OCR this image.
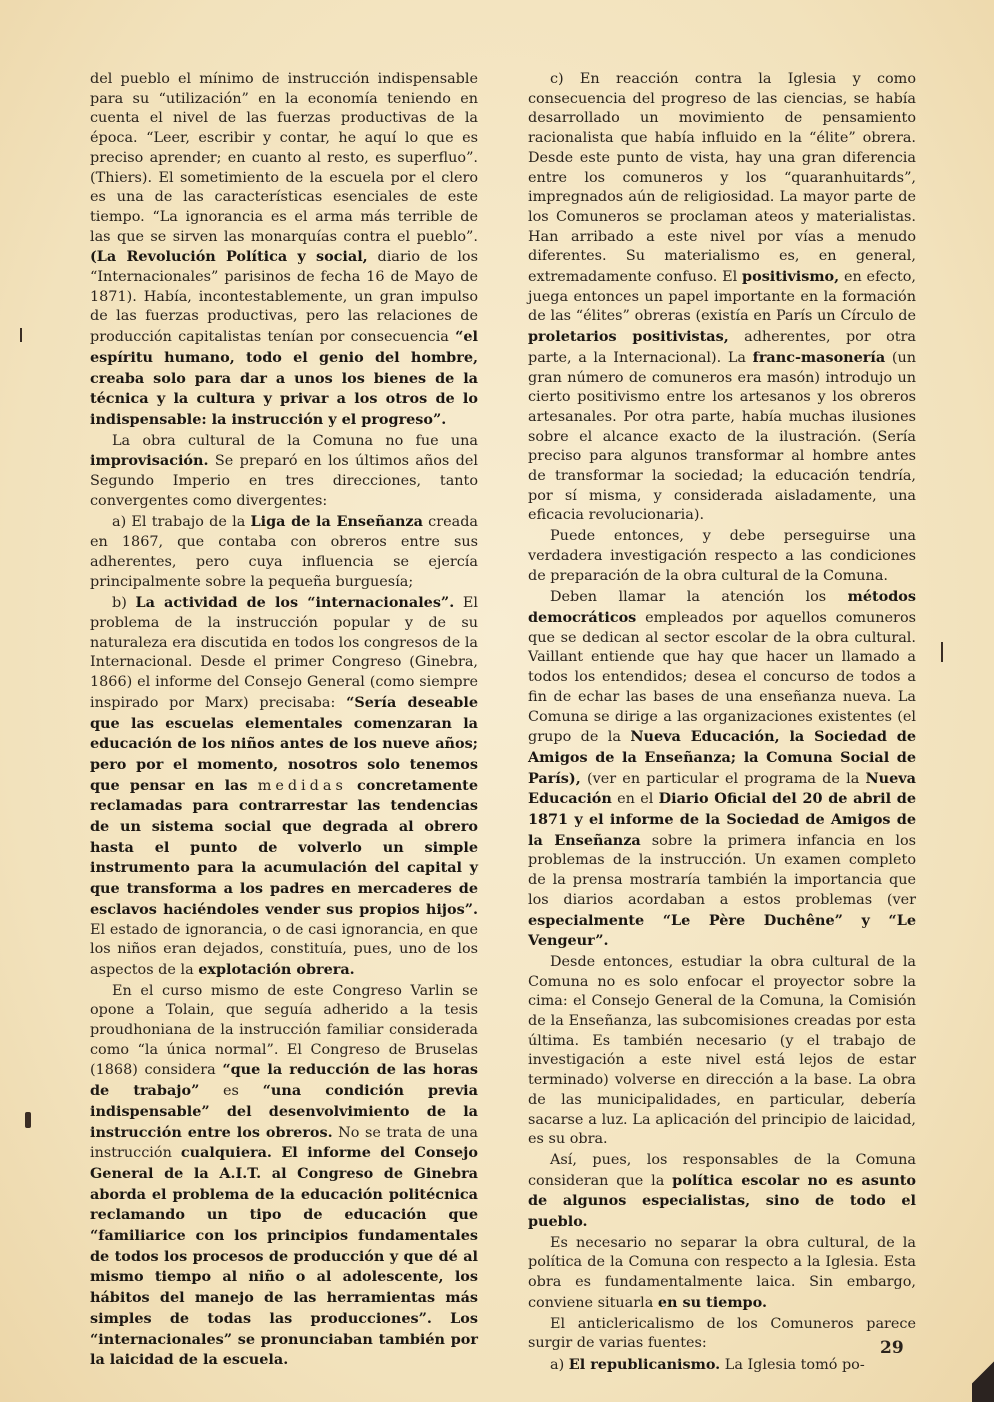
del pueblo el mínimo de instrucción indispensable para su “utilización” en la economía teniendo en cuenta el nivel de las fuerzas productivas de la época. “Leer, escribir y contar, he aquí lo que es preciso aprender; en cuanto al resto, es superfluo”. (Thiers). El sometimiento de la escuela por el clero es una de las características esenciales de este tiempo. “La ignorancia es el arma más terrible de las que se sirven las monarquías contra el pueblo”. (La Revolución Política y social, diario de los “Internacionales” parisinos de fecha 16 de Mayo de 1871). Había, incontestablemente, un gran impulso de las fuerzas productivas, pero las relaciones de producción capitalistas tenían por consecuencia “el espíritu humano, todo el genio del hombre, creaba solo para dar a unos los bienes de la técnica y la cultura y privar a los otros de lo indispensable: la instrucción y el progreso”.

La obra cultural de la Comuna no fue una improvisación. Se preparó en los últimos años del Segundo Imperio en tres direcciones, tanto convergentes como divergentes:

a) El trabajo de la Liga de la Enseñanza creada en 1867, que contaba con obreros entre sus adherentes, pero cuya influencia se ejercía principalmente sobre la pequeña burguesía;

b) La actividad de los “internacionales”. El problema de la instrucción popular y de su naturaleza era discutida en todos los congresos de la Internacional. Desde el primer Congreso (Ginebra, 1866) el informe del Consejo General (como siempre inspirado por Marx) precisaba: “Sería deseable que las escuelas elementales comenzaran la educación de los niños antes de los nueve años; pero por el momento, nosotros solo tenemos que pensar en las medidas concretamente reclamadas para contrarrestar las tendencias de un sistema social que degrada al obrero hasta el punto de volverlo un simple instrumento para la acumulación del capital y que transforma a los padres en mercaderes de esclavos haciéndoles vender sus propios hijos”. El estado de ignorancia, o de casi ignorancia, en que los niños eran dejados, constituía, pues, uno de los aspectos de la explotación obrera.

En el curso mismo de este Congreso Varlin se opone a Tolain, que seguía adherido a la tesis proudhoniana de la instrucción familiar considerada como “la única normal”. El Congreso de Bruselas (1868) considera “que la reducción de las horas de trabajo” es “una condición previa indispensable” del desenvolvimiento de la instrucción entre los obreros. No se trata de una instrucción cualquiera. El informe del Consejo General de la A.I.T. al Congreso de Ginebra aborda el problema de la educación politécnica reclamando un tipo de educación que “familiarice con los principios fundamentales de todos los procesos de producción y que dé al mismo tiempo al niño o al adolescente, los hábitos del manejo de las herramientas más simples de todas las producciones”. Los “internacionales” se pronunciaban también por la laicidad de la escuela.

c) En reacción contra la Iglesia y como consecuencia del progreso de las ciencias, se había desarrollado un movimiento de pensamiento racionalista que había influido en la “élite” obrera. Desde este punto de vista, hay una gran diferencia entre los comuneros y los “quaranhuitards”, impregnados aún de religiosidad. La mayor parte de los Comuneros se proclaman ateos y materialistas. Han arribado a este nivel por vías a menudo diferentes. Su materialismo es, en general, extremadamente confuso. El positivismo, en efecto, juega entonces un papel importante en la formación de las “élites” obreras (existía en París un Círculo de proletarios positivistas, adherentes, por otra parte, a la Internacional). La franc-masonería (un gran número de comuneros era masón) introdujo un cierto positivismo entre los artesanos y los obreros artesanales. Por otra parte, había muchas ilusiones sobre el alcance exacto de la ilustración. (Sería preciso para algunos transformar al hombre antes de transformar la sociedad; la educación tendría, por sí misma, y considerada aisladamente, una eficacia revolucionaria).

Puede entonces, y debe perseguirse una verdadera investigación respecto a las condiciones de preparación de la obra cultural de la Comuna.

Deben llamar la atención los métodos democráticos empleados por aquellos comuneros que se dedican al sector escolar de la obra cultural. Vaillant entiende que hay que hacer un llamado a todos los entendidos; desea el concurso de todos a fin de echar las bases de una enseñanza nueva. La Comuna se dirige a las organizaciones existentes (el grupo de la Nueva Educación, la Sociedad de Amigos de la Enseñanza; la Comuna Social de París), (ver en particular el programa de la Nueva Educación en el Diario Oficial del 20 de abril de 1871 y el informe de la Sociedad de Amigos de la Enseñanza sobre la primera infancia en los problemas de la instrucción. Un examen completo de la prensa mostraría también la importancia que los diarios acordaban a estos problemas (ver especialmente “Le Père Duchêne” y “Le Vengeur”.

Desde entonces, estudiar la obra cultural de la Comuna no es solo enfocar el proyector sobre la cima: el Consejo General de la Comuna, la Comisión de la Enseñanza, las subcomisiones creadas por esta última. Es también necesario (y el trabajo de investigación a este nivel está lejos de estar terminado) volverse en dirección a la base. La obra de las municipalidades, en particular, debería sacarse a luz. La aplicación del principio de laicidad, es su obra.

Así, pues, los responsables de la Comuna consideran que la política escolar no es asunto de algunos especialistas, sino de todo el pueblo.

Es necesario no separar la obra cultural, de la política de la Comuna con respecto a la Iglesia. Esta obra es fundamentalmente laica. Sin embargo, conviene situarla en su tiempo.

El anticlericalismo de los Comuneros parece surgir de varias fuentes:

a) El republicanismo. La Iglesia tomó po-

29
